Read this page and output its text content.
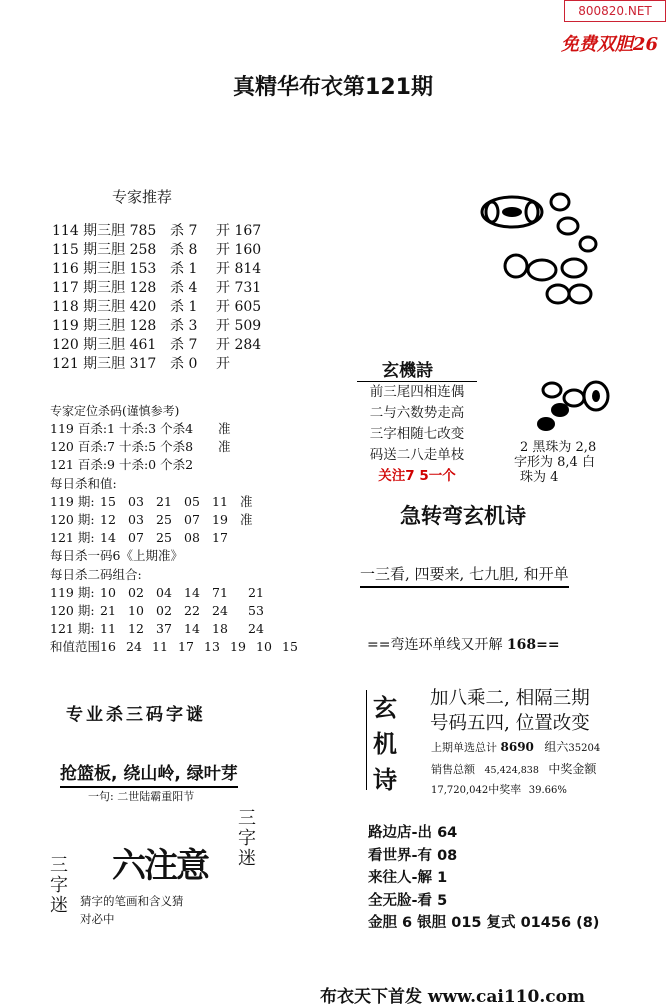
800820.NET
免费双胆26
真精华布衣第121期
专家推荐
114 期三胆 785 杀 7 开 167
115 期三胆 258 杀 8 开 160
116 期三胆 153 杀 1 开 814
117 期三胆 128 杀 4 开 731
118 期三胆 420 杀 1 开 605
119 期三胆 128 杀 3 开 509
120 期三胆 461 杀 7 开 284
121 期三胆 317 杀 0 开
专家定位杀码(谨慎参考)
119 百杀:1 十杀:3 个杀4 准
120 百杀:7 十杀:5 个杀8 准
121 百杀:9 十杀:0 个杀2
每日杀和值:
119 期: 15 03 21 05 11 准
120 期: 12 03 25 07 19 准
121 期: 14 07 25 08 17
每日杀一码6《上期准》
每日杀二码组合:
119 期: 10 02 04 14 71 21
120 期: 21 10 02 22 24 53
121 期: 11 12 37 14 18 24
和值范围16 24 11 17 13 19 10 15
专业杀三码字谜
抢篮板, 绕山岭, 绿叶芽
一句: 二世陆霸重阳节
三字迷
三字迷 六注意
猜字的笔画和含义猜
对必中
玄機詩
前三尾四相连偶
二与六数势走高
三字相随七改变
码送二八走单枝
关注7 5一个
2 黑珠为 2,8
字形为 8,4 白
珠为 4
急转弯玄机诗
一三看, 四要来, 七九胆, 和开单
==弯连环单线又开解 168==
玄
机
诗
加八乘二, 相隔三期
号码五四, 位置改变
上期单选总计 8690 组六35204
销售总额 45,424,838 中奖金额
17,720,042中奖率 39.66%
路边店-出 64
看世界-有 08
来往人-解 1
全无脸-看 5
金胆 6 银胆 015 复式 01456 (8)
布衣天下首发 www.cai110.com
